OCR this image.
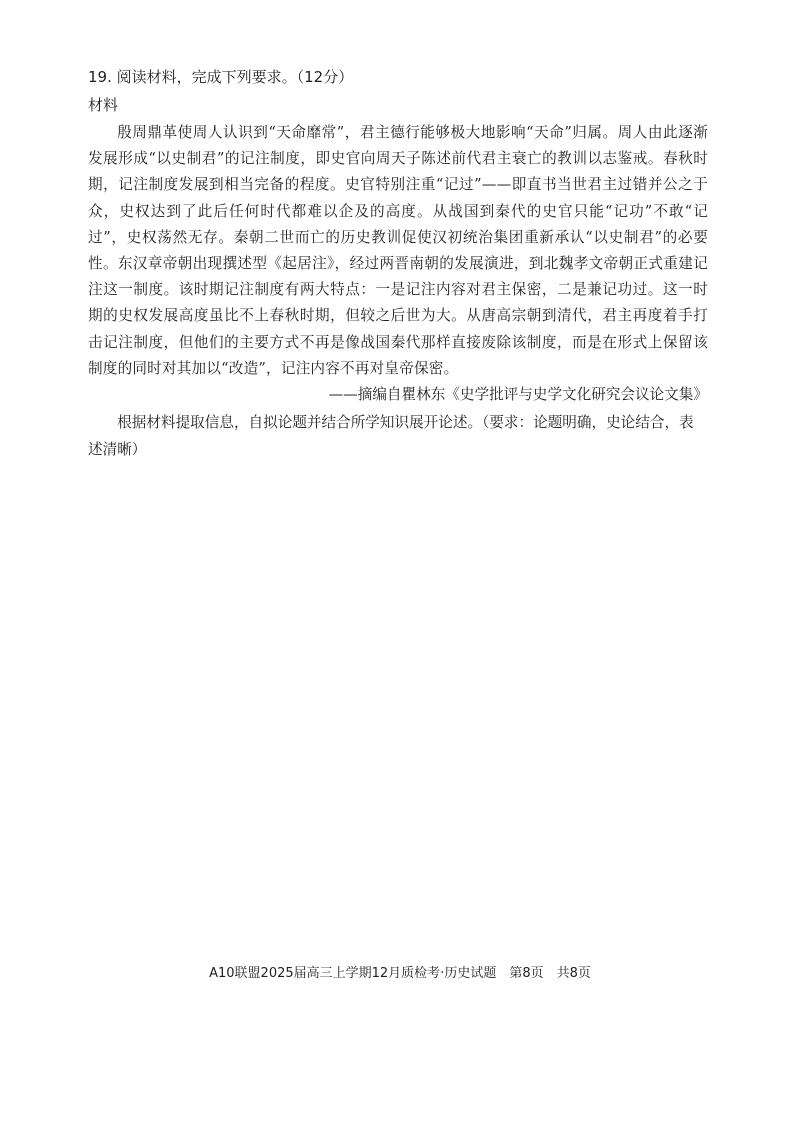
19. 阅读材料，完成下列要求。（12分）
材料
殷周鼎革使周人认识到“天命靡常”，君主德行能够极大地影响“天命”归属。周人由此逐渐发展形成“以史制君”的记注制度，即史官向周天子陈述前代君主衰亡的教训以志鉴戒。春秋时期，记注制度发展到相当完备的程度。史官特别注重“记过”——即直书当世君主过错并公之于众，史权达到了此后任何时代都难以企及的高度。从战国到秦代的史官只能“记功”不敢“记过”，史权荡然无存。秦朝二世而亡的历史教训促使汉初统治集团重新承认“以史制君”的必要性。东汉章帝朝出现撰述型《起居注》，经过两晋南朝的发展演进，到北魏孝文帝朝正式重建记注这一制度。该时期记注制度有两大特点：一是记注内容对君主保密，二是兼记功过。这一时期的史权发展高度虽比不上春秋时期，但较之后世为大。从唐高宗朝到清代，君主再度着手打击记注制度，但他们的主要方式不再是像战国秦代那样直接废除该制度，而是在形式上保留该制度的同时对其加以“改造”，记注内容不再对皇帝保密。
——摘编自瞿林东《史学批评与史学文化研究会议论文集》
根据材料提取信息，自拟论题并结合所学知识展开论述。（要求：论题明确，史论结合，表述清晰）
A10联盟2025届高三上学期12月质检考·历史试题　第8页　共8页
